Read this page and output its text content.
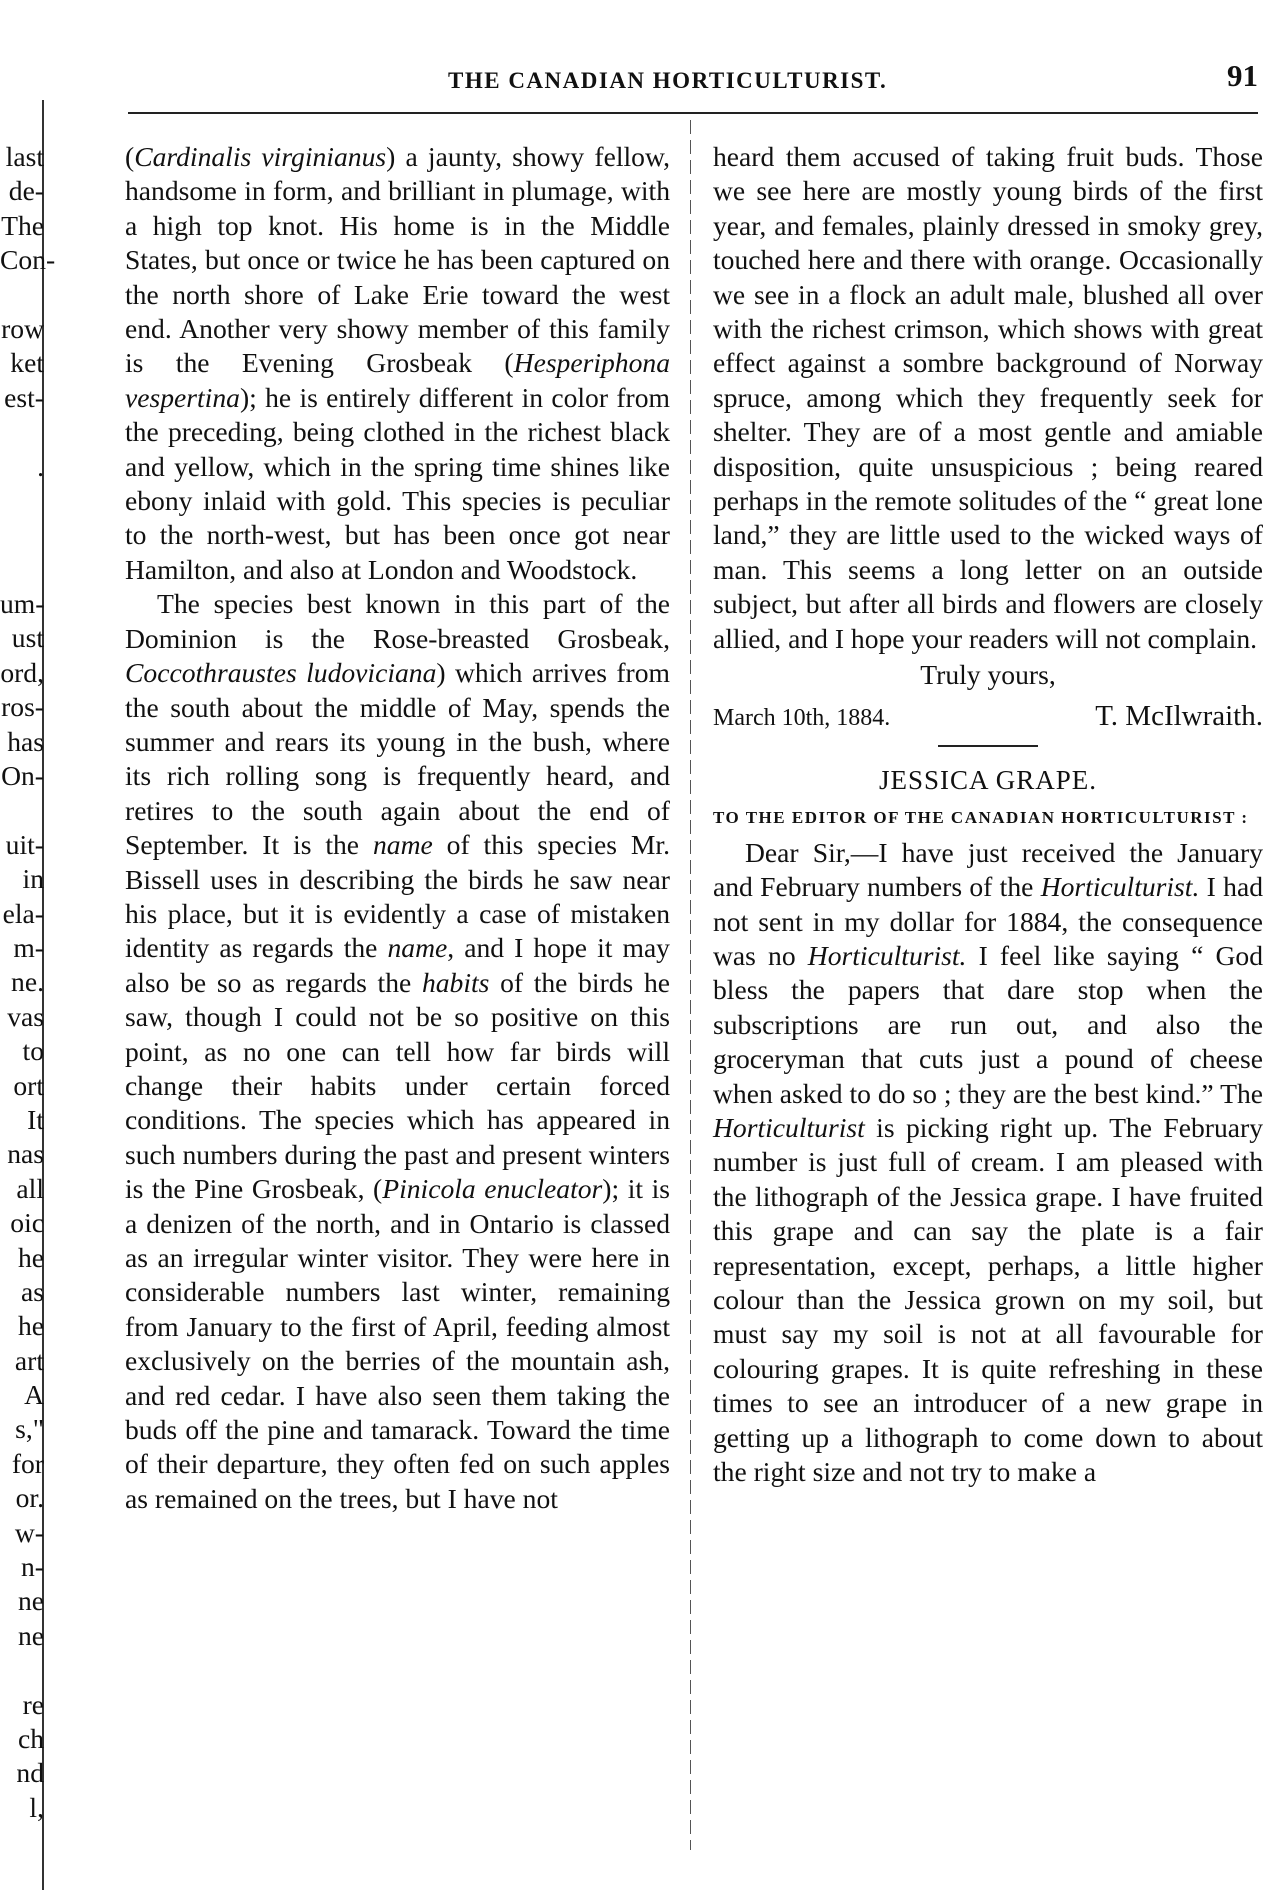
last
de-
The
Con-

row
ket
est-

.

um-
ust
ord,
ros-
has
On-

uit-
in
ela-
m-
ne.
vas
to
ort
It
nas
all
oic
he
as
he
art
A
s,"
for
or.
w-
n-
ne
ne

re
ch
nd
l,
THE CANADIAN HORTICULTURIST.	91

(Cardinalis virginianus) a jaunty, showy fellow, handsome in form, and brilliant in plumage, with a high top knot. His home is in the Middle States, but once or twice he has been captured on the north shore of Lake Erie toward the west end. Another very showy member of this family is the Evening Grosbeak (Hesperiphona vespertina); he is entirely different in color from the preceding, being clothed in the richest black and yellow, which in the spring time shines like ebony inlaid with gold. This species is peculiar to the north-west, but has been once got near Hamilton, and also at London and Woodstock.

The species best known in this part of the Dominion is the Rose-breasted Grosbeak, Coccothraustes ludoviciana) which arrives from the south about the middle of May, spends the summer and rears its young in the bush, where its rich rolling song is frequently heard, and retires to the south again about the end of September. It is the name of this species Mr. Bissell uses in describing the birds he saw near his place, but it is evidently a case of mistaken identity as regards the name, and I hope it may also be so as regards the habits of the birds he saw, though I could not be so positive on this point, as no one can tell how far birds will change their habits under certain forced conditions. The species which has appeared in such numbers during the past and present winters is the Pine Grosbeak, (Pinicola enucleator); it is a denizen of the north, and in Ontario is classed as an irregular winter visitor. They were here in considerable numbers last winter, remaining from January to the first of April, feeding almost exclusively on the berries of the mountain ash, and red cedar. I have also seen them taking the buds off the pine and tamarack. Toward the time of their departure, they often fed on such apples as remained on the trees, but I have not

heard them accused of taking fruit buds. Those we see here are mostly young birds of the first year, and females, plainly dressed in smoky grey, touched here and there with orange. Occasionally we see in a flock an adult male, blushed all over with the richest crimson, which shows with great effect against a sombre background of Norway spruce, among which they frequently seek for shelter. They are of a most gentle and amiable disposition, quite unsuspicious ; being reared perhaps in the remote solitudes of the “ great lone land,” they are little used to the wicked ways of man. This seems a long letter on an outside subject, but after all birds and flowers are closely allied, and I hope your readers will not complain.

Truly yours,
March 10th, 1884.	T. McIlwraith.
JESSICA GRAPE.
TO THE EDITOR OF THE CANADIAN HORTICULTURIST :

Dear Sir,—I have just received the January and February numbers of the Horticulturist. I had not sent in my dollar for 1884, the consequence was no Horticulturist. I feel like saying “ God bless the papers that dare stop when the subscriptions are run out, and also the groceryman that cuts just a pound of cheese when asked to do so ; they are the best kind.” The Horticulturist is picking right up. The February number is just full of cream. I am pleased with the lithograph of the Jessica grape. I have fruited this grape and can say the plate is a fair representation, except, perhaps, a little higher colour than the Jessica grown on my soil, but must say my soil is not at all favourable for colouring grapes. It is quite refreshing in these times to see an introducer of a new grape in getting up a lithograph to come down to about the right size and not try to make a
